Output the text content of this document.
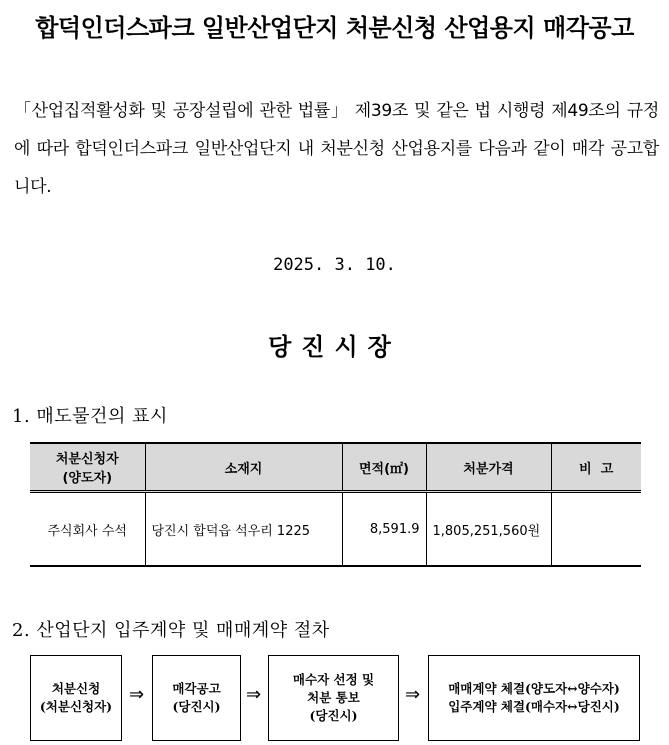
합덕인더스파크 일반산업단지 처분신청 산업용지 매각공고
「산업집적활성화 및 공장설립에 관한 법률」 제39조 및 같은 법 시행령 제49조의 규정에 따라 합덕인더스파크 일반산업단지 내 처분신청 산업용지를 다음과 같이 매각 공고합니다.
2025. 3. 10.
당진시장
1. 매도물건의 표시
처분신청자
(양도자)	소재지	면적(㎡)	처분가격	비  고
주식회사 수석	당진시 합덕읍 석우리 1225	8,591.9	1,805,251,560원	
2. 산업단지 입주계약 및 매매계약 절차
처분신청
(처분신청자)
⇒ 매각공고
(당진시)
⇒
매수자 선정 및
처분 통보
(당진시)
⇒ 매매계약 체결(양도자↔양수자)
입주계약 체결(매수자↔당진시)
